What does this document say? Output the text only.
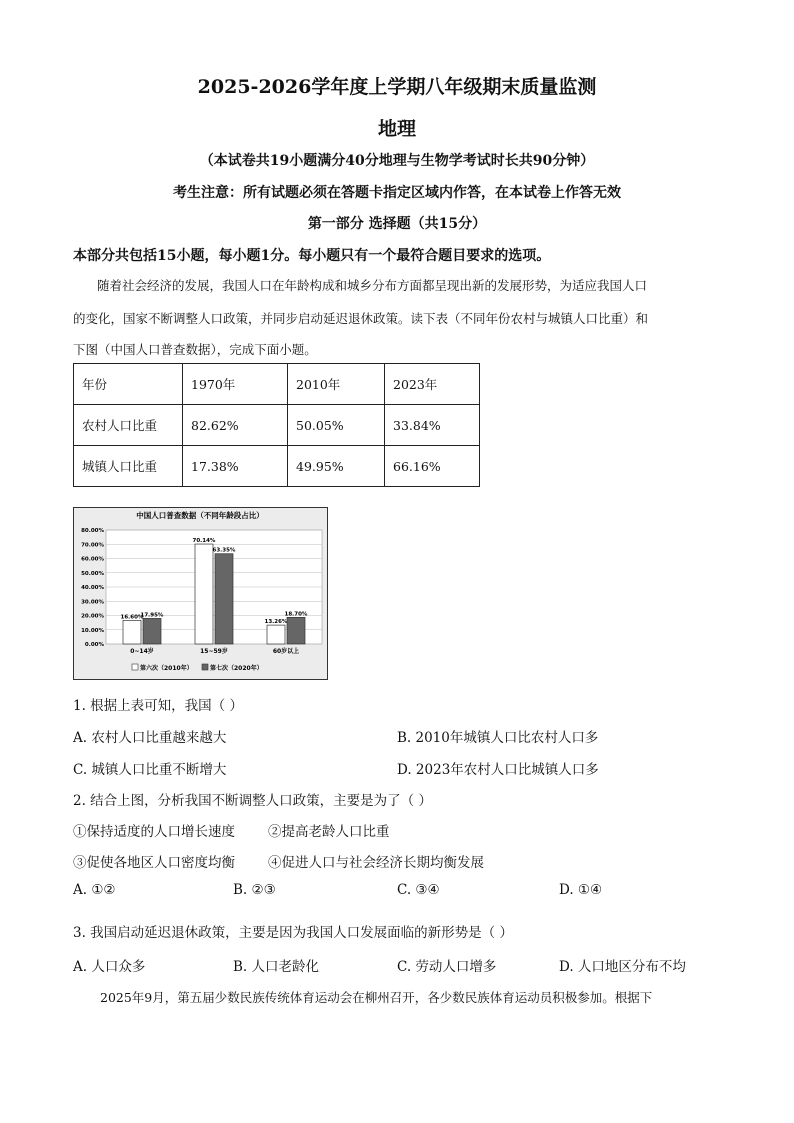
2025-2026学年度上学期八年级期末质量监测
地理
（本试卷共19小题满分40分地理与生物学考试时长共90分钟）
考生注意：所有试题必须在答题卡指定区域内作答，在本试卷上作答无效
第一部分 选择题（共15分）
本部分共包括15小题，每小题1分。每小题只有一个最符合题目要求的选项。
随着社会经济的发展，我国人口在年龄构成和城乡分布方面都呈现出新的发展形势，为适应我国人口
的变化，国家不断调整人口政策，并同步启动延迟退休政策。读下表（不同年份农村与城镇人口比重）和
下图（中国人口普查数据），完成下面小题。
年份	1970年	2010年	2023年
农村人口比重	82.62%	50.05%	33.84%
城镇人口比重	17.38%	49.95%	66.16%
中国人口普查数据（不同年龄段占比）
0.00%
10.00%
20.00%
30.00%
40.00%
50.00%
60.00%
70.00%
80.00%
16.60%
17.95%
0~14岁
70.14%
63.35%
15~59岁
13.26%
18.70%
60岁以上
第六次（2010年）	第七次（2020年）
1. 根据上表可知，我国（ ）
A. 农村人口比重越来越大	B. 2010年城镇人口比农村人口多
C. 城镇人口比重不断增大	D. 2023年农村人口比城镇人口多
2. 结合上图，分析我国不断调整人口政策，主要是为了（ ）
①保持适度的人口增长速度 ②提高老龄人口比重
③促使各地区人口密度均衡 ④促进人口与社会经济长期均衡发展
A. ①②	B. ②③	C. ③④	D. ①④
3. 我国启动延迟退休政策，主要是因为我国人口发展面临的新形势是（ ）
A. 人口众多	B. 人口老龄化	C. 劳动人口增多	D. 人口地区分布不均
2025年9月，第五届少数民族传统体育运动会在柳州召开，各少数民族体育运动员积极参加。根据下
